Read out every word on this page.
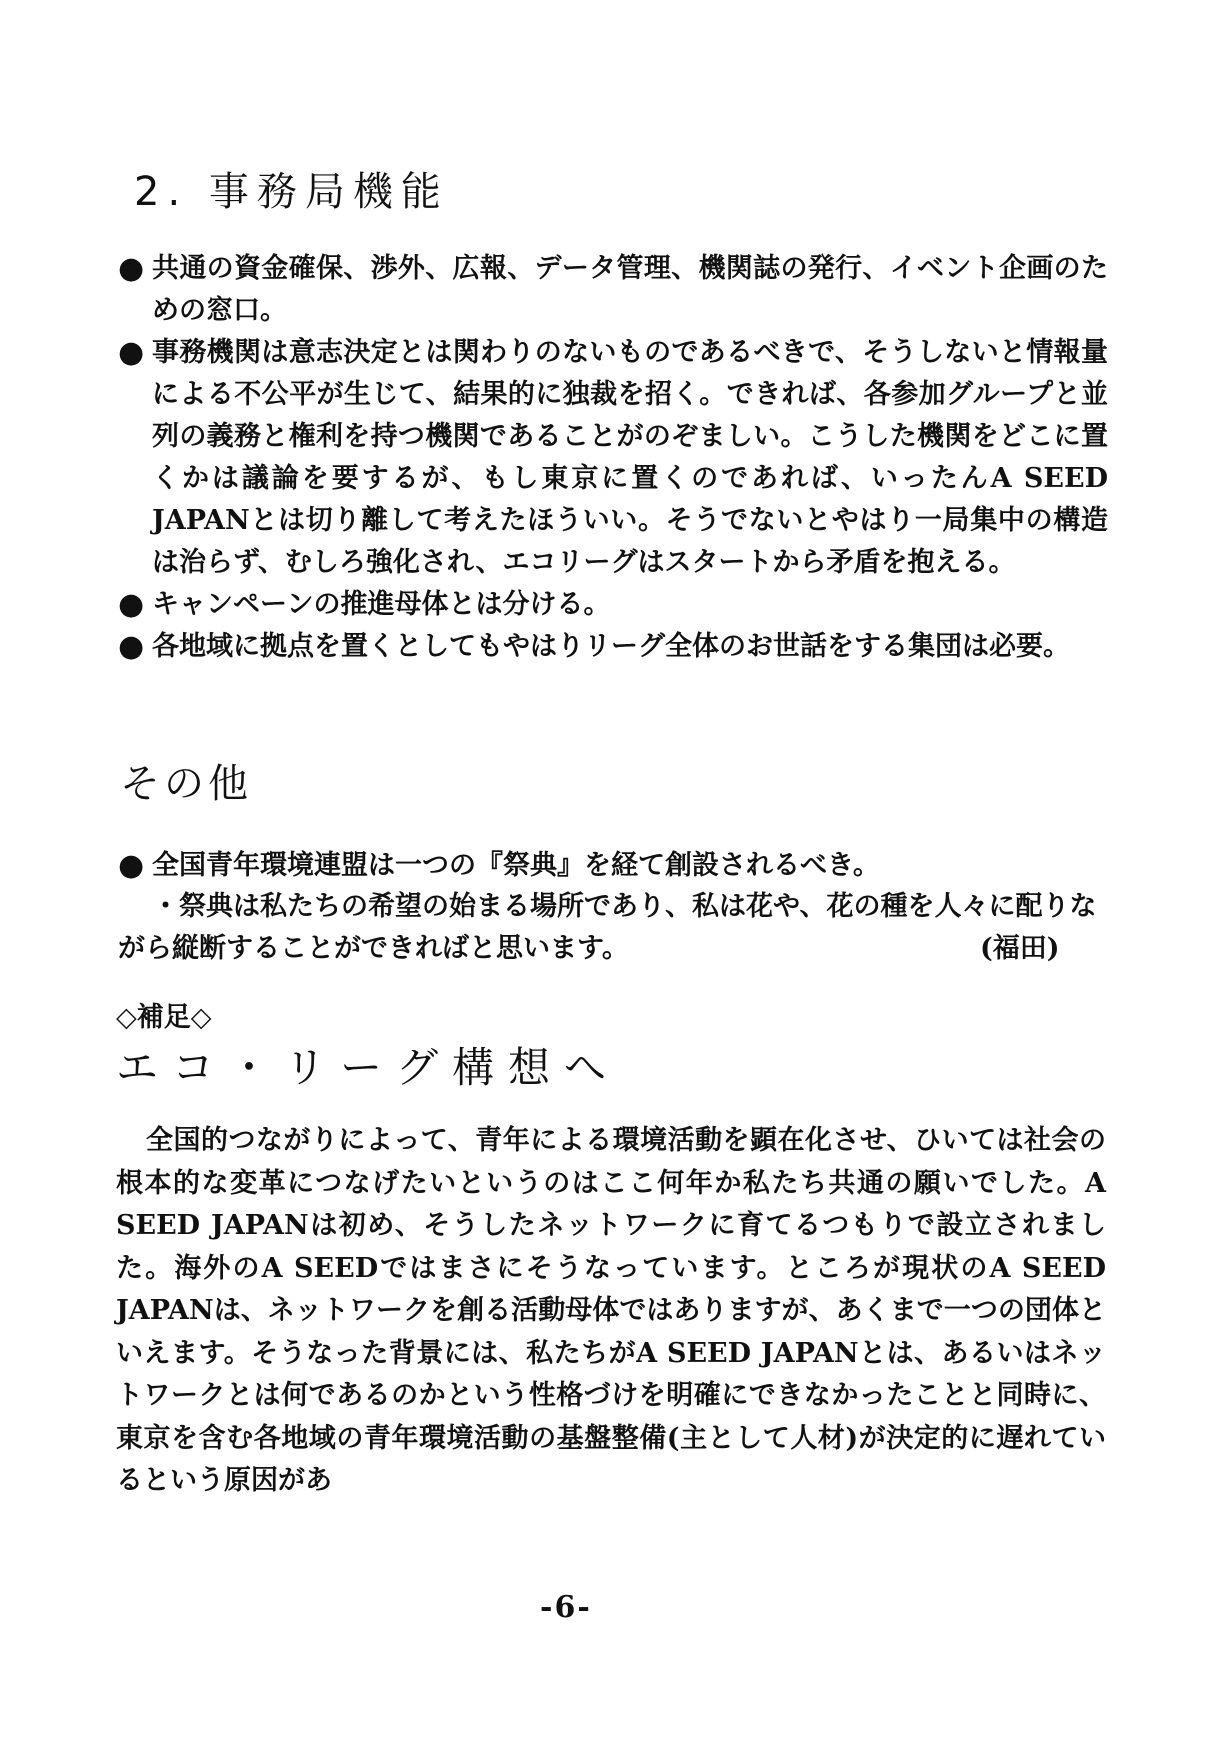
2. 事務局機能
● 共通の資金確保、渉外、広報、データ管理、機関誌の発行、イベント企画のための窓口。
● 事務機関は意志決定とは関わりのないものであるべきで、そうしないと情報量による不公平が生じて、結果的に独裁を招く。できれば、各参加グループと並列の義務と権利を持つ機関であることがのぞましい。こうした機関をどこに置くかは議論を要するが、もし東京に置くのであれば、いったんA SEED JAPANとは切り離して考えたほういい。そうでないとやはり一局集中の構造は治らず、むしろ強化され、エコリーグはスタートから矛盾を抱える。
● キャンペーンの推進母体とは分ける。
● 各地域に拠点を置くとしてもやはりリーグ全体のお世話をする集団は必要。
その他
● 全国青年環境連盟は一つの『祭典』を経て創設されるべき。
・祭典は私たちの希望の始まる場所であり、私は花や、花の種を人々に配りながら縦断することができればと思います。	(福田)
◇補足◇
エコ・リーグ構想へ

全国的つながりによって、青年による環境活動を顕在化させ、ひいては社会の根本的な変革につなげたいというのはここ何年か私たち共通の願いでした。A SEED JAPANは初め、そうしたネットワークに育てるつもりで設立されました。海外のA SEEDではまさにそうなっています。ところが現状のA SEED JAPANは、ネットワークを創る活動母体ではありますが、あくまで一つの団体といえます。そうなった背景には、私たちがA SEED JAPANとは、あるいはネットワークとは何であるのかという性格づけを明確にできなかったことと同時に、東京を含む各地域の青年環境活動の基盤整備(主として人材)が決定的に遅れているという原因があ

-6-
